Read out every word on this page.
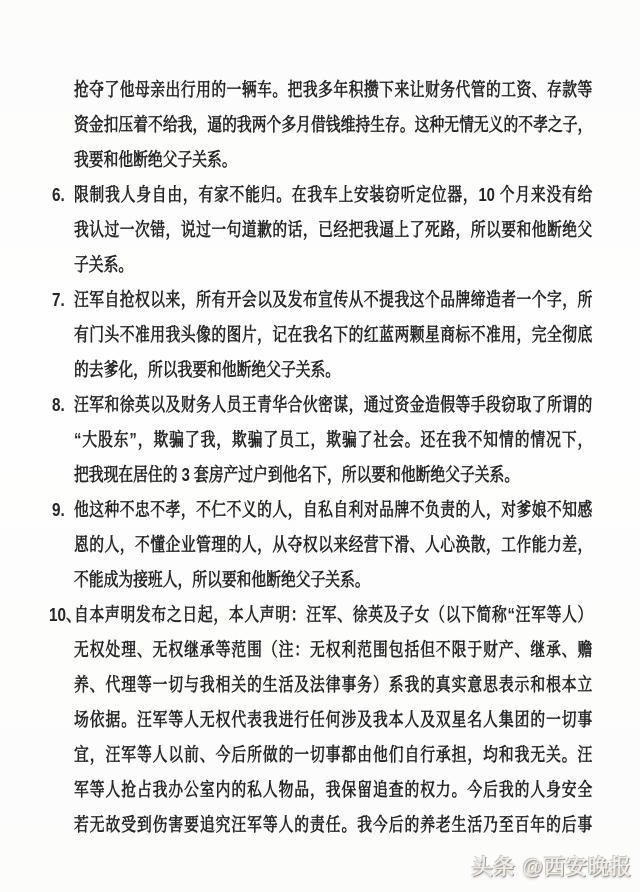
抢夺了他母亲出行用的一辆车。把我多年积攒下来让财务代管的工资、存款等
资金扣压着不给我，逼的我两个多月借钱维持生存。这种无情无义的不孝之子，
我要和他断绝父子关系。
6. 限制我人身自由，有家不能归。在我车上安装窃听定位器，10 个月来没有给
我认过一次错，说过一句道歉的话，已经把我逼上了死路，所以要和他断绝父
子关系。
7. 汪军自抢权以来，所有开会以及发布宣传从不提我这个品牌缔造者一个字，所
有门头不准用我头像的图片，记在我名下的红蓝两颗星商标不准用，完全彻底
的去爹化，所以我要和他断绝父子关系。
8. 汪军和徐英以及财务人员王青华合伙密谋，通过资金造假等手段窃取了所谓的
“大股东”，欺骗了我，欺骗了员工，欺骗了社会。还在我不知情的情况下，
把我现在居住的 3 套房产过户到他名下，所以要和他断绝父子关系。
9. 他这种不忠不孝，不仁不义的人，自私自利对品牌不负责的人，对爹娘不知感
恩的人，不懂企业管理的人，从夺权以来经营下滑、人心涣散，工作能力差，
不能成为接班人，所以要和他断绝父子关系。
10、
自本声明发布之日起，本人声明：汪军、徐英及子女（以下简称“汪军等人）
无权处理、无权继承等范围（注：无权利范围包括但不限于财产、继承、赡
养、代理等一切与我相关的生活及法律事务）系我的真实意思表示和根本立
场依据。汪军等人无权代表我进行任何涉及我本人及双星名人集团的一切事
宜，汪军等人以前、今后所做的一切事都由他们自行承担，均和我无关。汪
军等人抢占我办公室内的私人物品，我保留追查的权力。今后我的人身安全
若无故受到伤害要追究汪军等人的责任。我今后的养老生活乃至百年的后事
头条 @西安晚报
